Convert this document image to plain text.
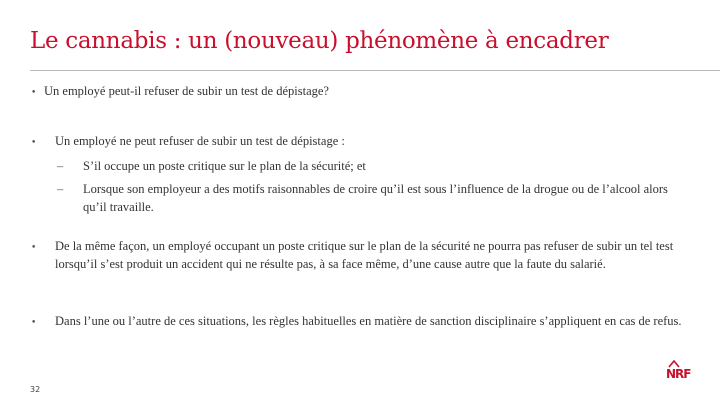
Le cannabis : un (nouveau) phénomène à encadrer
• Un employé peut-il refuser de subir un test de dépistage?
• Un employé ne peut refuser de subir un test de dépistage :
– S’il occupe un poste critique sur le plan de la sécurité; et
– Lorsque son employeur a des motifs raisonnables de croire qu’il est sous l’influence de la drogue ou de l’alcool alors qu’il travaille.
• De la même façon, un employé occupant un poste critique sur le plan de la sécurité ne pourra pas refuser de subir un tel test lorsqu’il s’est produit un accident qui ne résulte pas, à sa face même, d’une cause autre que la faute du salarié.
• Dans l’une ou l’autre de ces situations, les règles habituelles en matière de sanction disciplinaire s’appliquent en cas de refus.
32
NRF
